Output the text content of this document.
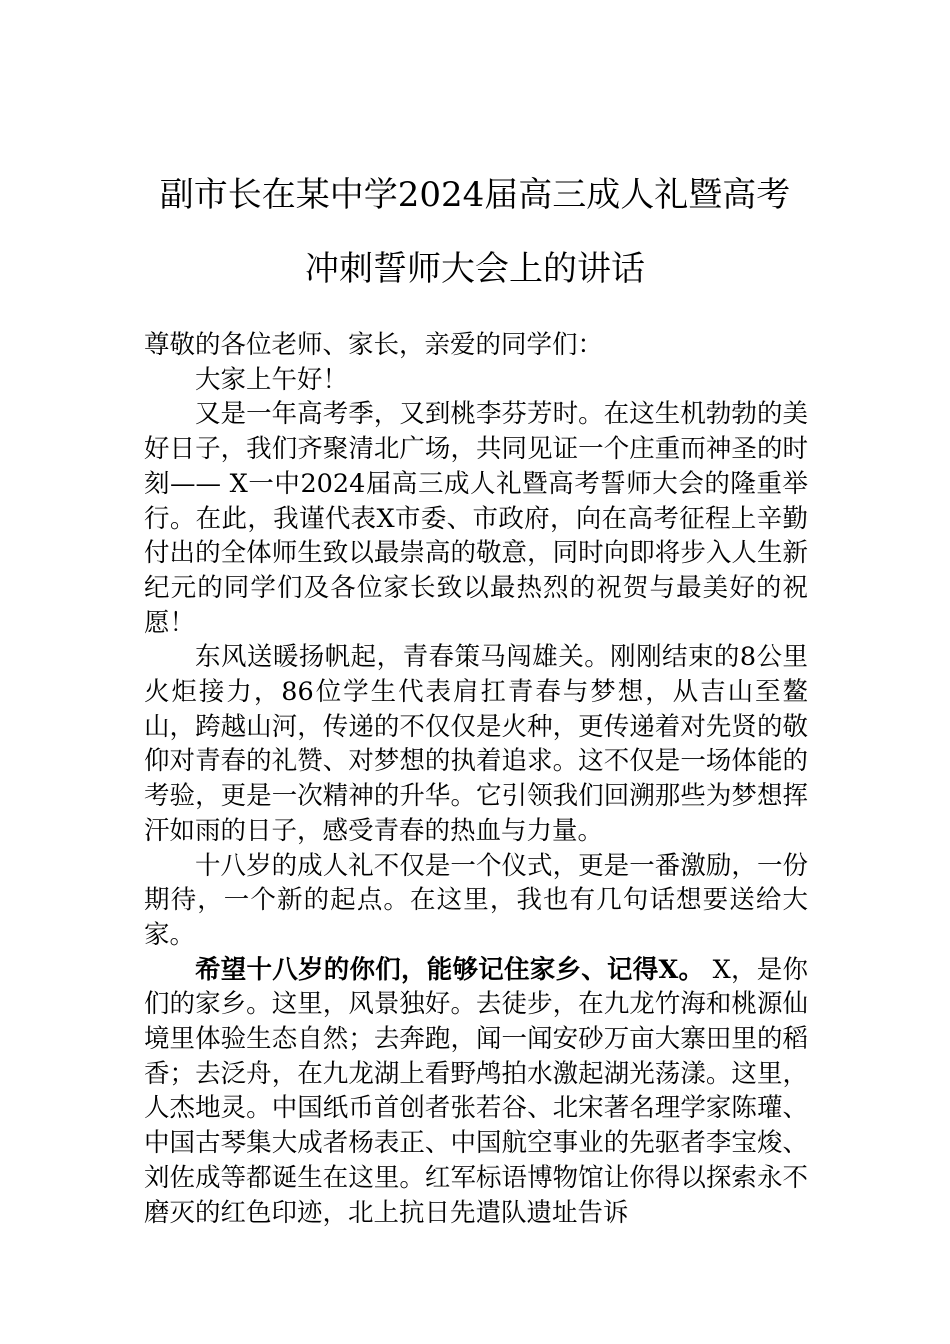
副市长在某中学2024届高三成人礼暨高考
冲刺誓师大会上的讲话

尊敬的各位老师、家长，亲爱的同学们：

大家上午好！

又是一年高考季，又到桃李芬芳时。在这生机勃勃的美好日子，我们齐聚清北广场，共同见证一个庄重而神圣的时刻—— X一中2024届高三成人礼暨高考誓师大会的隆重举行。在此，我谨代表X市委、市政府，向在高考征程上辛勤付出的全体师生致以最崇高的敬意，同时向即将步入人生新纪元的同学们及各位家长致以最热烈的祝贺与最美好的祝愿！

东风送暖扬帆起，青春策马闯雄关。刚刚结束的8公里火炬接力，86位学生代表肩扛青春与梦想，从吉山至鳌山，跨越山河，传递的不仅仅是火种，更传递着对先贤的敬仰对青春的礼赞、对梦想的执着追求。这不仅是一场体能的考验，更是一次精神的升华。它引领我们回溯那些为梦想挥汗如雨的日子，感受青春的热血与力量。

十八岁的成人礼不仅是一个仪式，更是一番激励，一份期待，一个新的起点。在这里，我也有几句话想要送给大家。

希望十八岁的你们，能够记住家乡、记得X。 X，是你们的家乡。这里，风景独好。去徒步，在九龙竹海和桃源仙境里体验生态自然；去奔跑，闻一闻安砂万亩大寨田里的稻香；去泛舟，在九龙湖上看野鸬拍水激起湖光荡漾。这里，人杰地灵。中国纸币首创者张若谷、北宋著名理学家陈瓘、中国古琴集大成者杨表正、中国航空事业的先驱者李宝焌、刘佐成等都诞生在这里。红军标语博物馆让你得以探索永不磨灭的红色印迹，北上抗日先遣队遗址告诉
